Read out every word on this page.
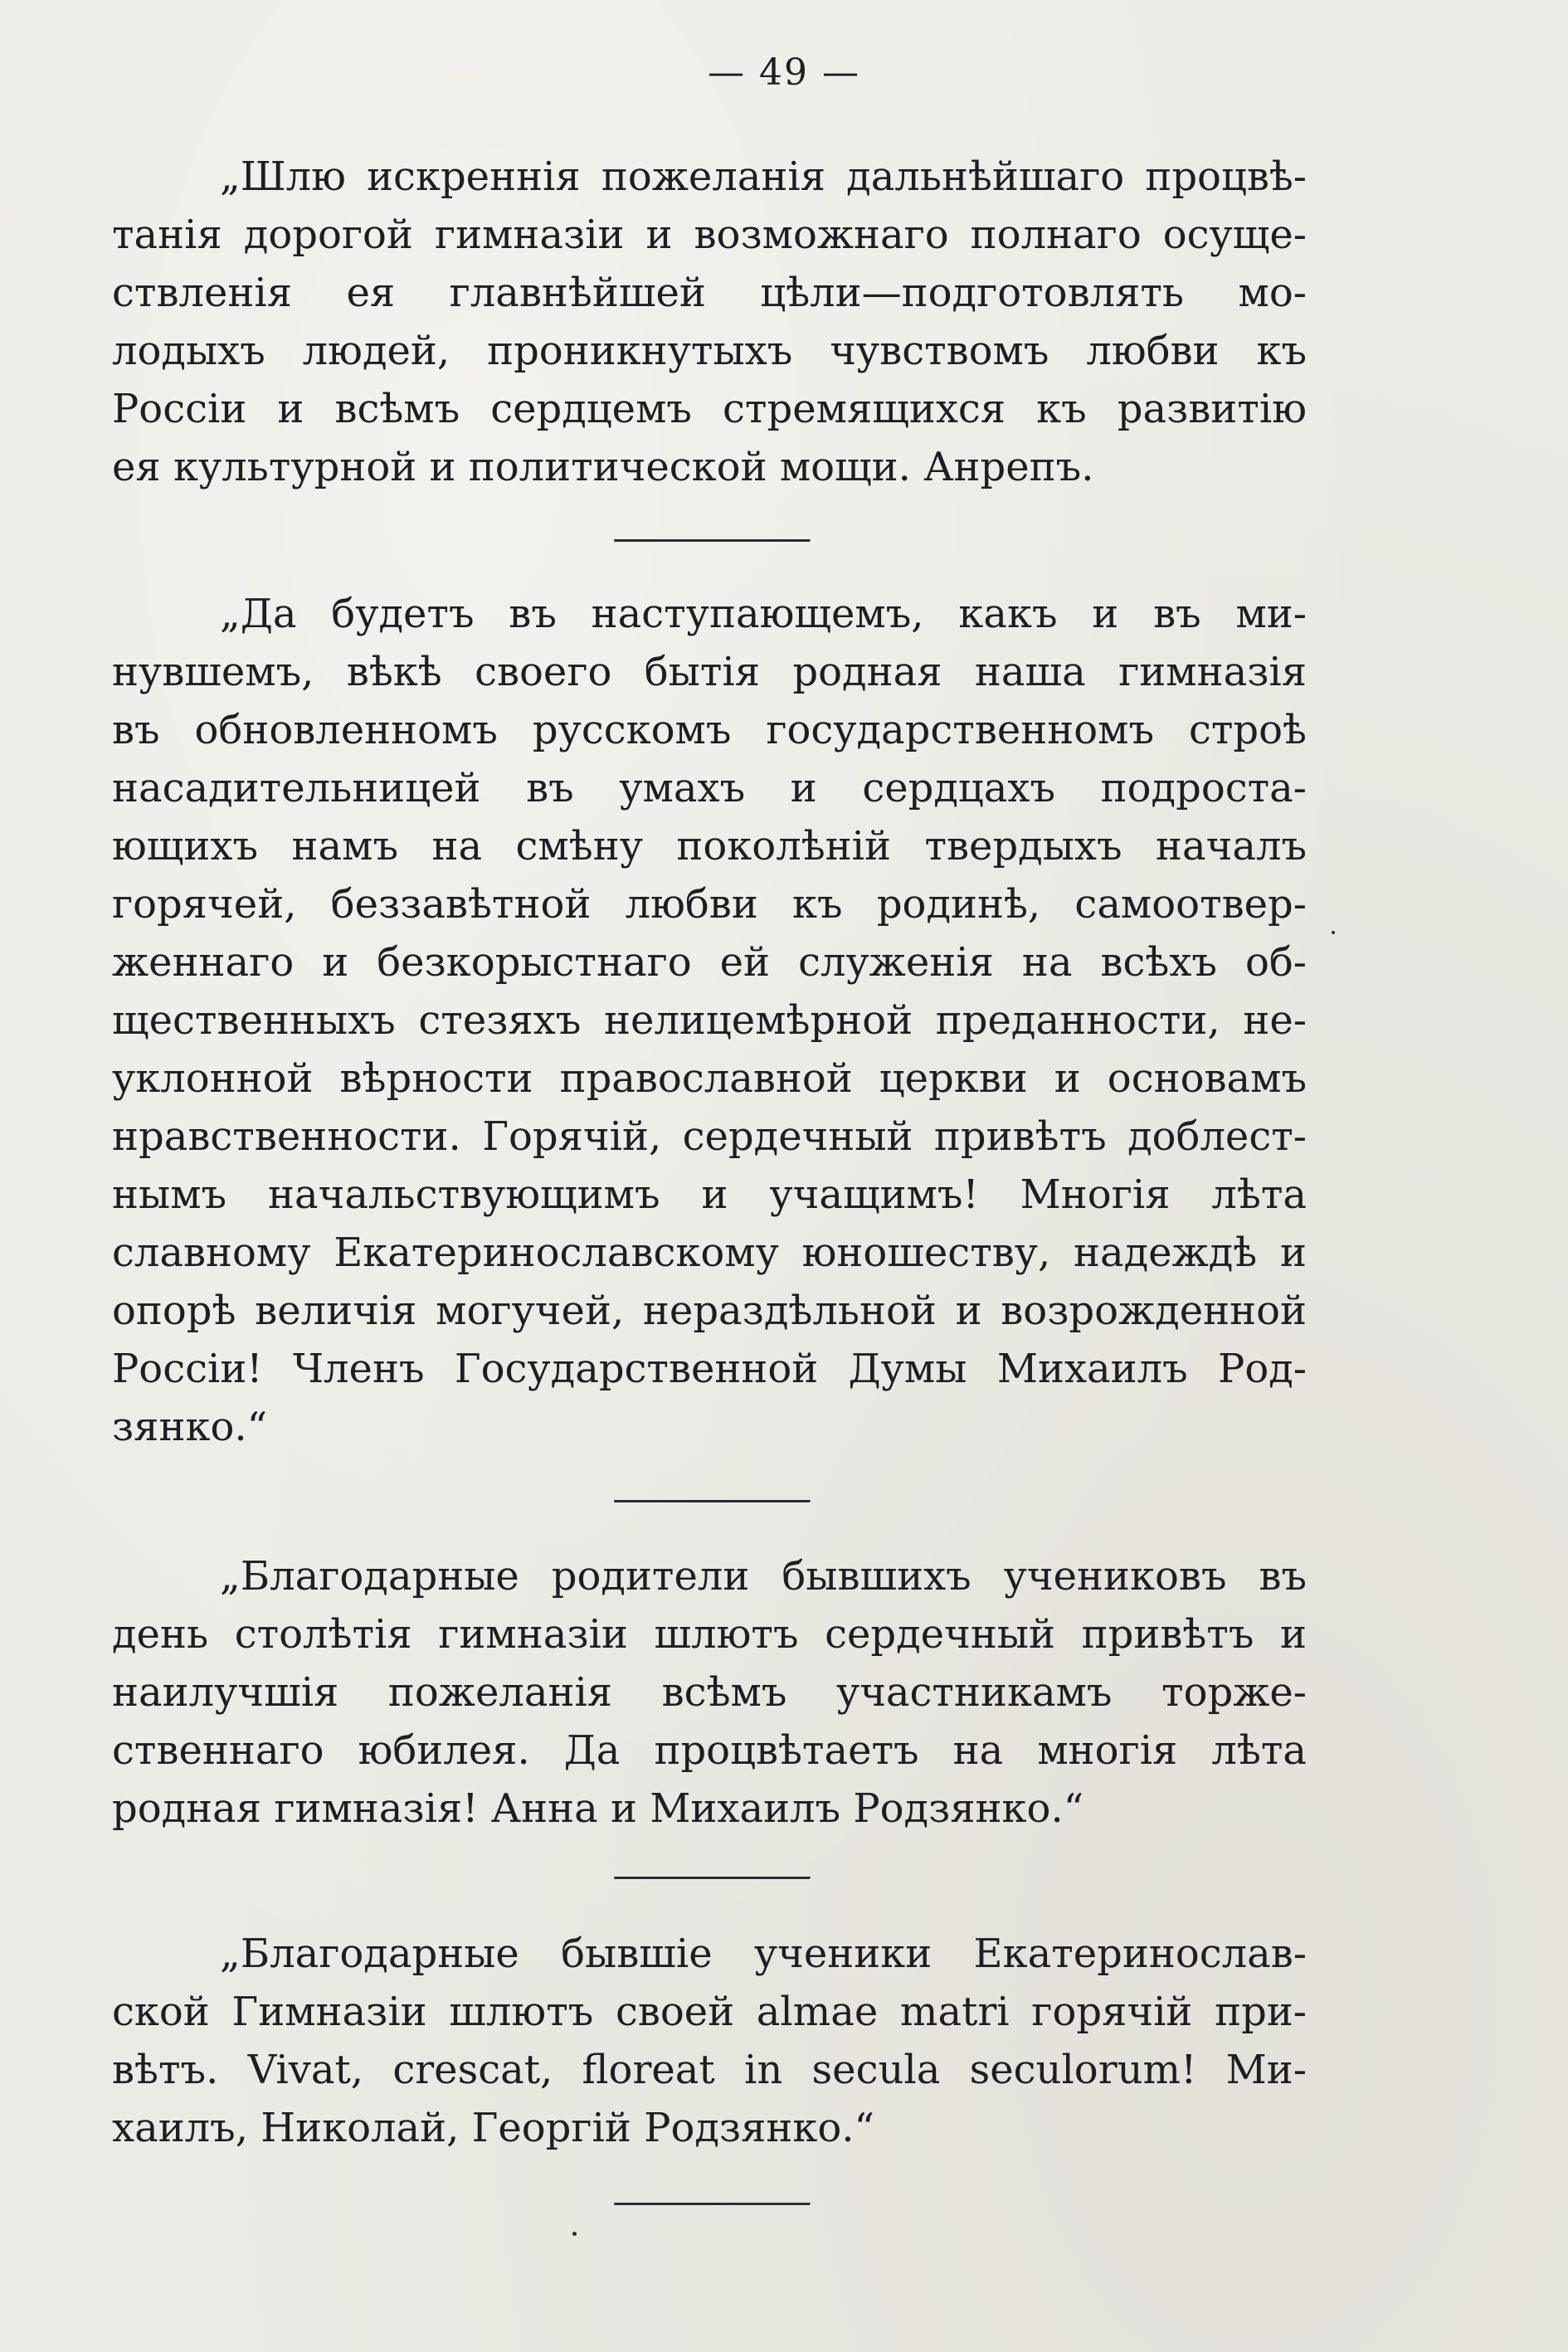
— 49 —

„Шлю искреннія пожеланія дальнѣйшаго процвѣ-
танія дорогой гимназіи и возможнаго полнаго осуще-
ствленія ея главнѣйшей цѣли—подготовлять мо-
лодыхъ людей, проникнутыхъ чувствомъ любви къ
Россіи и всѣмъ сердцемъ стремящихся къ развитію
ея культурной и политической мощи. Анрепъ.
„Да будетъ въ наступающемъ, какъ и въ ми-
нувшемъ, вѣкѣ своего бытія родная наша гимназія
въ обновленномъ русскомъ государственномъ строѣ
насадительницей въ умахъ и сердцахъ подроста-
ющихъ намъ на смѣну поколѣній твердыхъ началъ
горячей, беззавѣтной любви къ родинѣ, самоотвер-
женнаго и безкорыстнаго ей служенія на всѣхъ об-
щественныхъ стезяхъ нелицемѣрной преданности, не-
уклонной вѣрности православной церкви и основамъ
нравственности. Горячій, сердечный привѣтъ доблест-
нымъ начальствующимъ и учащимъ! Многія лѣта
славному Екатеринославскому юношеству, надеждѣ и
опорѣ величія могучей, нераздѣльной и возрожденной
Россіи! Членъ Государственной Думы Михаилъ Род-
зянко.“
„Благодарные родители бывшихъ учениковъ въ
день столѣтія гимназіи шлютъ сердечный привѣтъ и
наилучшія пожеланія всѣмъ участникамъ торже-
ственнаго юбилея. Да процвѣтаетъ на многія лѣта
родная гимназія! Анна и Михаилъ Родзянко.“
„Благодарные бывшіе ученики Екатеринослав-
ской Гимназіи шлютъ своей almae matri горячій при-
вѣтъ. Vivat, crescat, floreat in secula seculorum! Ми-
хаилъ, Николай, Георгій Родзянко.“
